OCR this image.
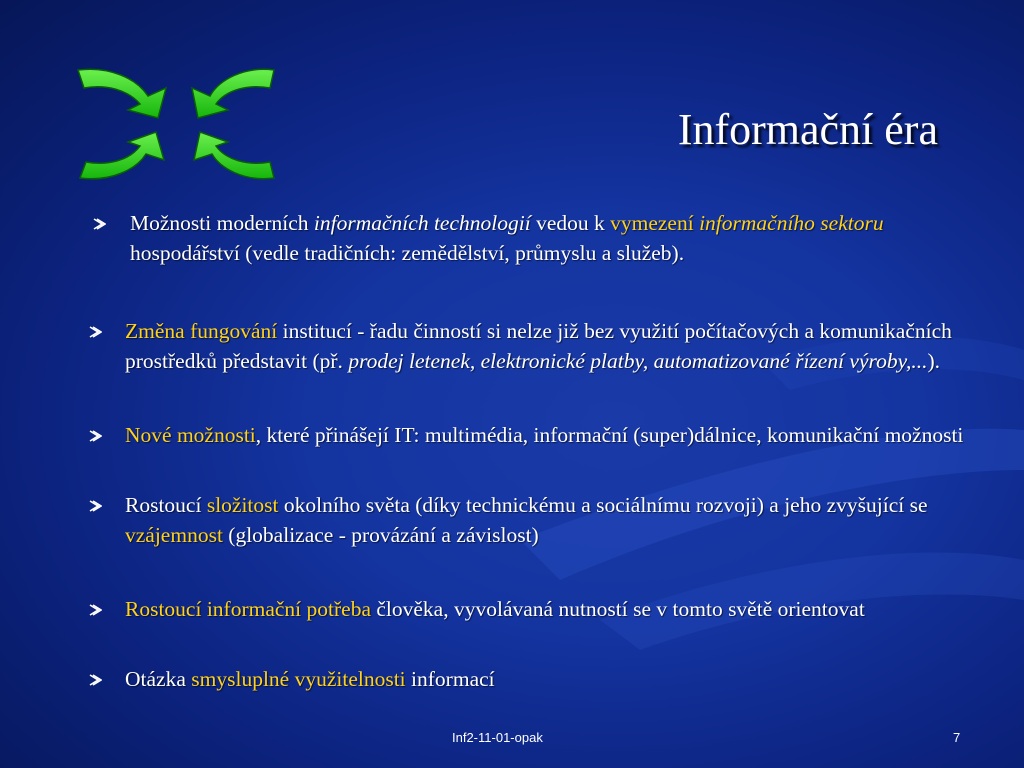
Informační éra
Možnosti moderních informačních technologií vedou k vymezení informačního sektoru hospodářství (vedle tradičních: zemědělství, průmyslu a služeb).
Změna fungování institucí - řadu činností si nelze již bez využití počítačových a komunikačních prostředků představit (př. prodej letenek, elektronické platby, automatizované řízení výroby,...).
Nové možnosti, které přinášejí IT: multimédia, informační (super)dálnice, komunikační možnosti
Rostoucí složitost okolního světa (díky technickému a sociálnímu rozvoji) a jeho zvyšující se vzájemnost (globalizace - provázání a závislost)
Rostoucí informační potřeba člověka, vyvolávaná nutností se v tomto světě orientovat
Otázka smysluplné využitelnosti informací
Inf2-11-01-opak	7
